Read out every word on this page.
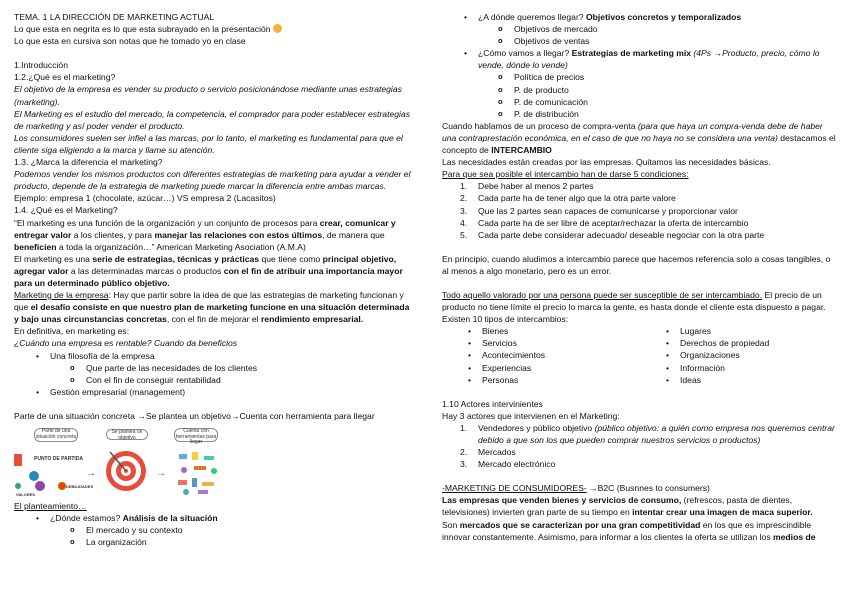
TEMA. 1 LA DIRECCIÓN DE MARKETING ACTUAL

Lo que esta en negrita es lo que esta subrayado en la presentación

Lo que esta en cursiva son notas que he tomado yo en clase

1.Introducción

1.2.¿Qué es el marketing?

El objetivo de la empresa es vender su producto o servicio posicionándose mediante unas estrategias (marketing).

El Marketing es el estudio del mercado, la competencia, el comprador para poder establecer estrategias de marketing y así poder vender el producto.

Los consumidores suelen ser infiel a las marcas, por lo tanto, el marketing es fundamental para que el cliente siga eligiendo a la marca y llame su atención.

1.3. ¿Marca la diferencia el marketing?

Podemos vender los mismos productos con diferentes estrategias de marketing para ayudar a vender el producto, depende de la estrategia de marketing puede marcar la diferencia entre ambas marcas. Ejemplo: empresa 1 (chocolate, azúcar…) VS empresa 2 (Lacasitos)

1.4. ¿Qué es el Marketing?

“El marketing es una función de la organización y un conjunto de procesos para crear, comunicar y entregar valor a los clientes, y para manejar las relaciones con estos últimos, de manera que beneficien a toda la organización…” American Marketing Asociation (A.M.A)

El marketing es una serie de estrategias, técnicas y prácticas que tiene como principal objetivo, agregar valor a las determinadas marcas o productos con el fin de atribuir una importancia mayor para un determinado público objetivo.

Marketing de la empresa: Hay que partir sobre la idea de que las estrategias de marketing funcionan y que el desafío consiste en que nuestro plan de marketing funcione en una situación determinada y bajo unas circunstancias concretas, con el fin de mejorar el rendimiento empresarial.

En definitiva, en marketing es:

¿Cuándo una empresa es rentable? Cuando da beneficios

• Una filosofía de la empresa
o Que parte de las necesidades de los clientes
o Con el fin de conseguir rentabilidad
• Gestión empresarial (management)

Parte de una situación concreta →Se plantea un objetivo→Cuenta con herramienta para llegar

Parte de una situación concreta
Se plantea un objetivo
Cuenta con herramientas para llegar
PUNTO DE PARTIDA
VALORES
DEBILIDADES
→	→

El planteamiento…

• ¿Dónde estamos? Análisis de la situación
o El mercado y su contexto
o La organización
• ¿A dónde queremos llegar? Objetivos concretos y temporalizados
o Objetivos de mercado
o Objetivos de ventas
• ¿Cómo vamos a llegar? Estrategias de marketing mix (4Ps →Producto, precio, cómo lo vende, dónde lo vende)
o Política de precios
o P. de producto
o P. de comunicación
o P. de distribución

Cuando hablamos de un proceso de compra-venta (para que haya un compra-venda debe de haber una contraprestación económica, en el caso de que no haya no se considera una venta) destacamos el concepto de INTERCAMBIO

Las necesidades están creadas por las empresas. Quitamos las necesidades básicas.

Para que sea posible el intercambio han de darse 5 condiciones:

1. Debe haber al menos 2 partes
2. Cada parte ha de tener algo que la otra parte valore
3. Que las 2 partes sean capaces de comunicarse y proporcionar valor
4. Cada parte ha de ser libre de aceptar/rechazar la oferta de intercambio
5. Cada parte debe considerar adecuado/ deseable negociar con la otra parte

En principio, cuando aludimos a intercambio parece que hacemos referencia solo a cosas tangibles, o al menos a algo monetario, pero es un error.

Todo aquello valorado por una persona puede ser susceptible de ser intercambiado. El precio de un producto no tiene límite el precio lo marca la gente, es hasta donde el cliente esta dispuesto a pagar.

Existen 10 tipos de intercambios:

• Bienes

• Servicios

• Acontecimientos

• Experiencias

• Personas

• Lugares

• Derechos de propiedad

• Organizaciones

• Información

• Ideas

1.10 Actores intervinientes

Hay 3 actores que intervienen en el Marketing:

1. Vendedores y público objetivo (público objetivo: a quién como empresa nos queremos centrar debido a que son los que pueden comprar nuestros servicios o productos)
2. Mercados
3. Mercado electrónico

-MARKETING DE CONSUMIDORES- →B2C (Busnnes to consumers)

Las empresas que venden bienes y servicios de consumo, (refrescos, pasta de dientes, televisiones) invierten gran parte de su tiempo en intentar crear una imagen de maca superior.

Son mercados que se caracterizan por una gran competitividad en los que es imprescindible innovar constantemente. Asimismo, para informar a los clientes la oferta se utilizan los medios de
